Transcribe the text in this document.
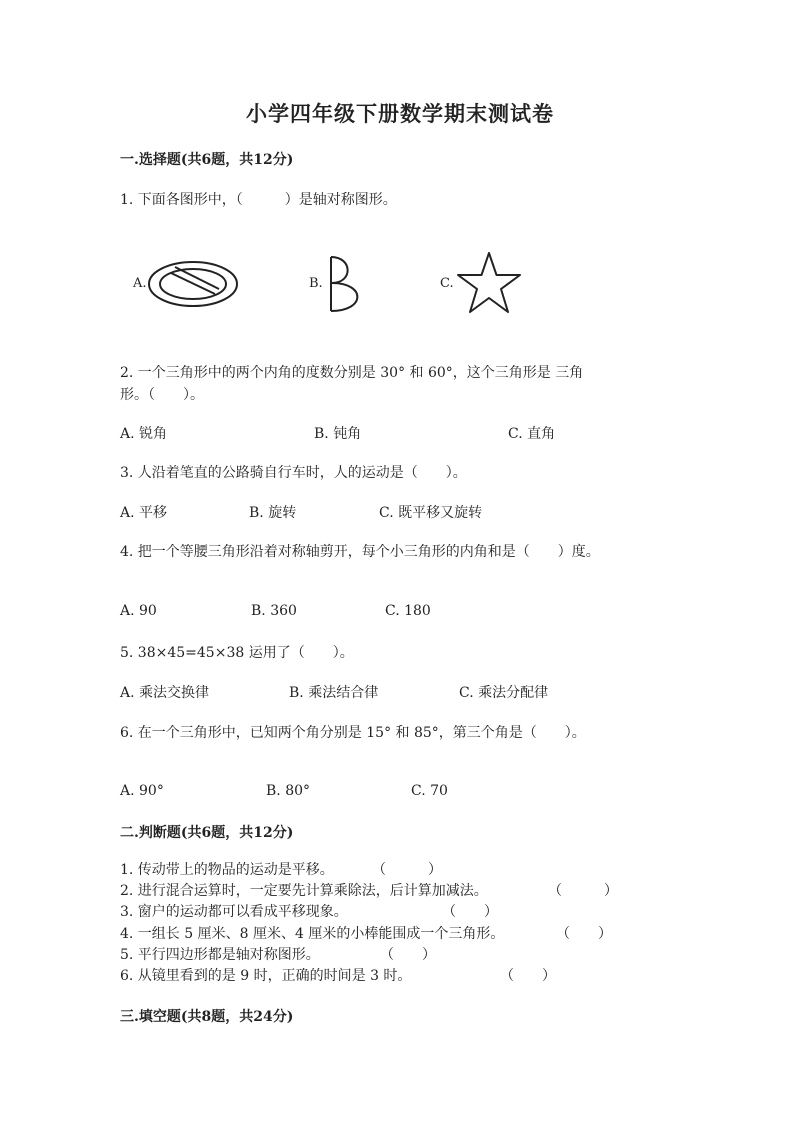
小学四年级下册数学期末测试卷
一.选择题(共6题，共12分)
1. 下面各图形中，（　　　）是轴对称图形。
A.	B.	C.
2. 一个三角形中的两个内角的度数分别是 30° 和 60°，这个三角形是 三角
形。（　　）。
A. 锐角	B. 钝角	C. 直角
3. 人沿着笔直的公路骑自行车时，人的运动是（　　）。
A. 平移	B. 旋转	C. 既平移又旋转
4. 把一个等腰三角形沿着对称轴剪开，每个小三角形的内角和是（　　）度。
A. 90	B. 360	C. 180
5. 38×45=45×38 运用了（　　）。
A. 乘法交换律	B. 乘法结合律	C. 乘法分配律
6. 在一个三角形中，已知两个角分别是 15° 和 85°，第三个角是（　　）。
A. 90°	B. 80°	C. 70
二.判断题(共6题，共12分)
1. 传动带上的物品的运动是平移。	（　　　）
2. 进行混合运算时，一定要先计算乘除法，后计算加减法。	（　　　）
3. 窗户的运动都可以看成平移现象。	（　　）
4. 一组长 5 厘米、8 厘米、4 厘米的小棒能围成一个三角形。	（　　）
5. 平行四边形都是轴对称图形。	（　　）
6. 从镜里看到的是 9 时，正确的时间是 3 时。	（　　）
三.填空题(共8题，共24分)
